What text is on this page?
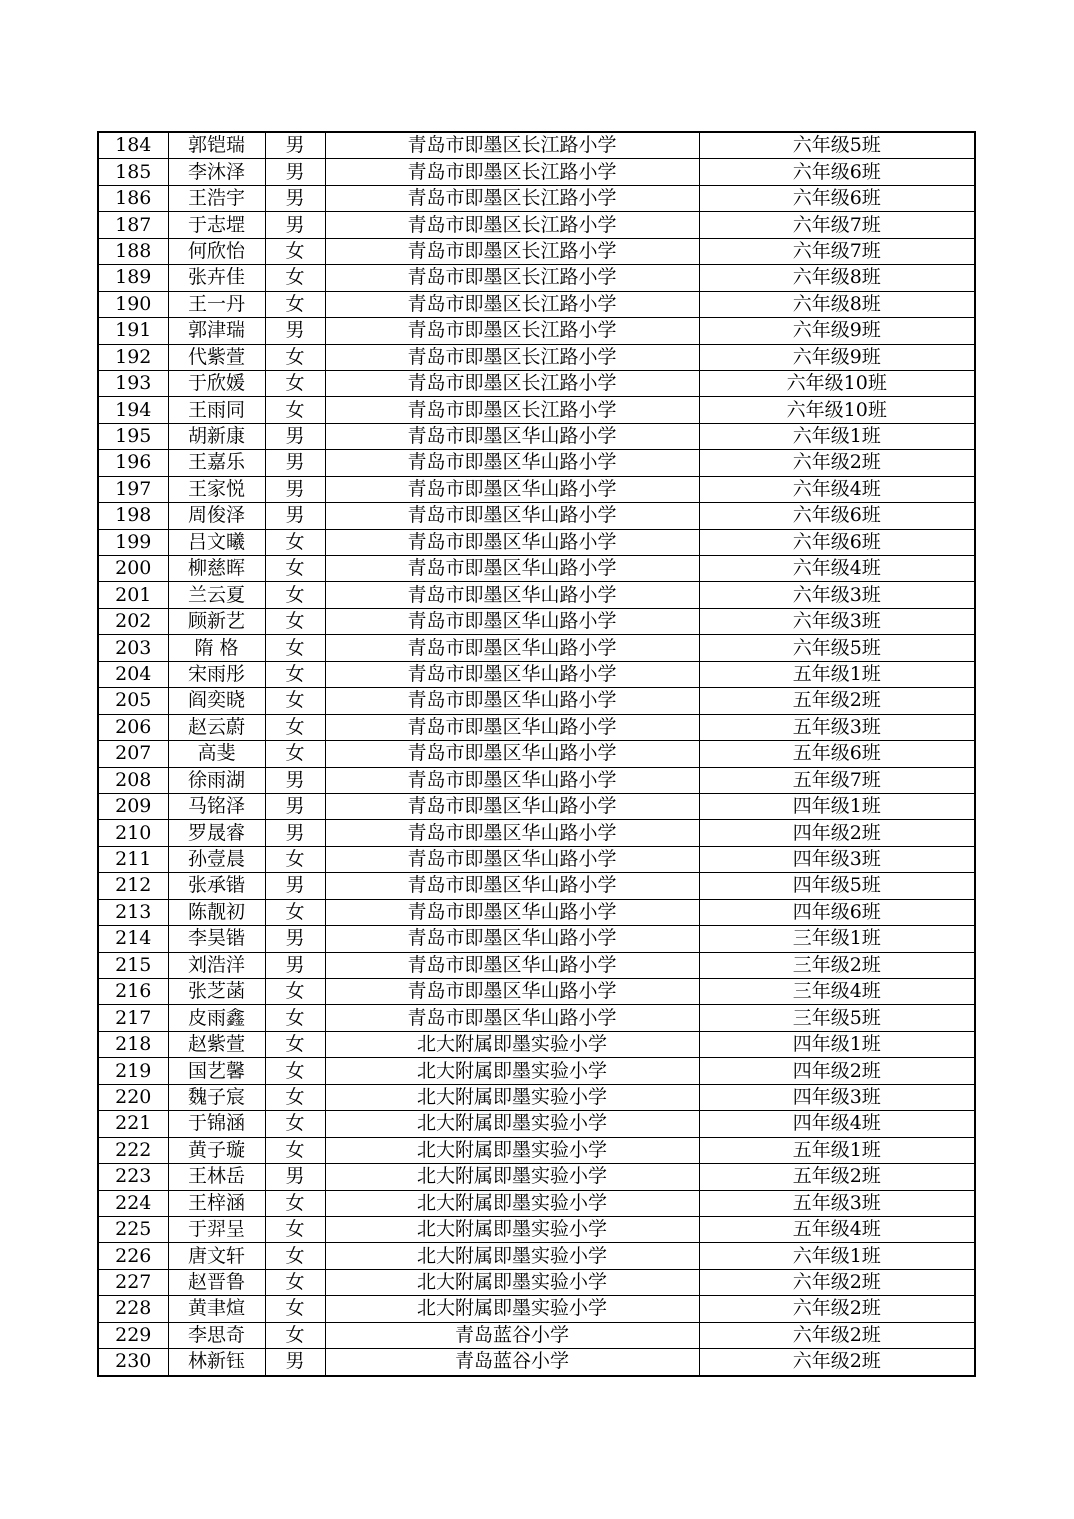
184	郭铠瑞	男	青岛市即墨区长江路小学	六年级5班
185	李沐泽	男	青岛市即墨区长江路小学	六年级6班
186	王浩宇	男	青岛市即墨区长江路小学	六年级6班
187	于志堽	男	青岛市即墨区长江路小学	六年级7班
188	何欣怡	女	青岛市即墨区长江路小学	六年级7班
189	张卉佳	女	青岛市即墨区长江路小学	六年级8班
190	王一丹	女	青岛市即墨区长江路小学	六年级8班
191	郭津瑞	男	青岛市即墨区长江路小学	六年级9班
192	代紫萱	女	青岛市即墨区长江路小学	六年级9班
193	于欣媛	女	青岛市即墨区长江路小学	六年级10班
194	王雨同	女	青岛市即墨区长江路小学	六年级10班
195	胡新康	男	青岛市即墨区华山路小学	六年级1班
196	王嘉乐	男	青岛市即墨区华山路小学	六年级2班
197	王家悦	男	青岛市即墨区华山路小学	六年级4班
198	周俊泽	男	青岛市即墨区华山路小学	六年级6班
199	吕文曦	女	青岛市即墨区华山路小学	六年级6班
200	柳慈晖	女	青岛市即墨区华山路小学	六年级4班
201	兰云夏	女	青岛市即墨区华山路小学	六年级3班
202	顾新艺	女	青岛市即墨区华山路小学	六年级3班
203	隋 格	女	青岛市即墨区华山路小学	六年级5班
204	宋雨彤	女	青岛市即墨区华山路小学	五年级1班
205	阎奕晓	女	青岛市即墨区华山路小学	五年级2班
206	赵云蔚	女	青岛市即墨区华山路小学	五年级3班
207	高斐	女	青岛市即墨区华山路小学	五年级6班
208	徐雨湖	男	青岛市即墨区华山路小学	五年级7班
209	马铭泽	男	青岛市即墨区华山路小学	四年级1班
210	罗晟睿	男	青岛市即墨区华山路小学	四年级2班
211	孙壹晨	女	青岛市即墨区华山路小学	四年级3班
212	张承锴	男	青岛市即墨区华山路小学	四年级5班
213	陈靓初	女	青岛市即墨区华山路小学	四年级6班
214	李昊锴	男	青岛市即墨区华山路小学	三年级1班
215	刘浩洋	男	青岛市即墨区华山路小学	三年级2班
216	张芝菡	女	青岛市即墨区华山路小学	三年级4班
217	皮雨鑫	女	青岛市即墨区华山路小学	三年级5班
218	赵紫萱	女	北大附属即墨实验小学	四年级1班
219	国艺馨	女	北大附属即墨实验小学	四年级2班
220	魏子宸	女	北大附属即墨实验小学	四年级3班
221	于锦涵	女	北大附属即墨实验小学	四年级4班
222	黄子璇	女	北大附属即墨实验小学	五年级1班
223	王林岳	男	北大附属即墨实验小学	五年级2班
224	王梓涵	女	北大附属即墨实验小学	五年级3班
225	于羿呈	女	北大附属即墨实验小学	五年级4班
226	唐文轩	女	北大附属即墨实验小学	六年级1班
227	赵晋鲁	女	北大附属即墨实验小学	六年级2班
228	黄聿煊	女	北大附属即墨实验小学	六年级2班
229	李思奇	女	青岛蓝谷小学	六年级2班
230	林新钰	男	青岛蓝谷小学	六年级2班
